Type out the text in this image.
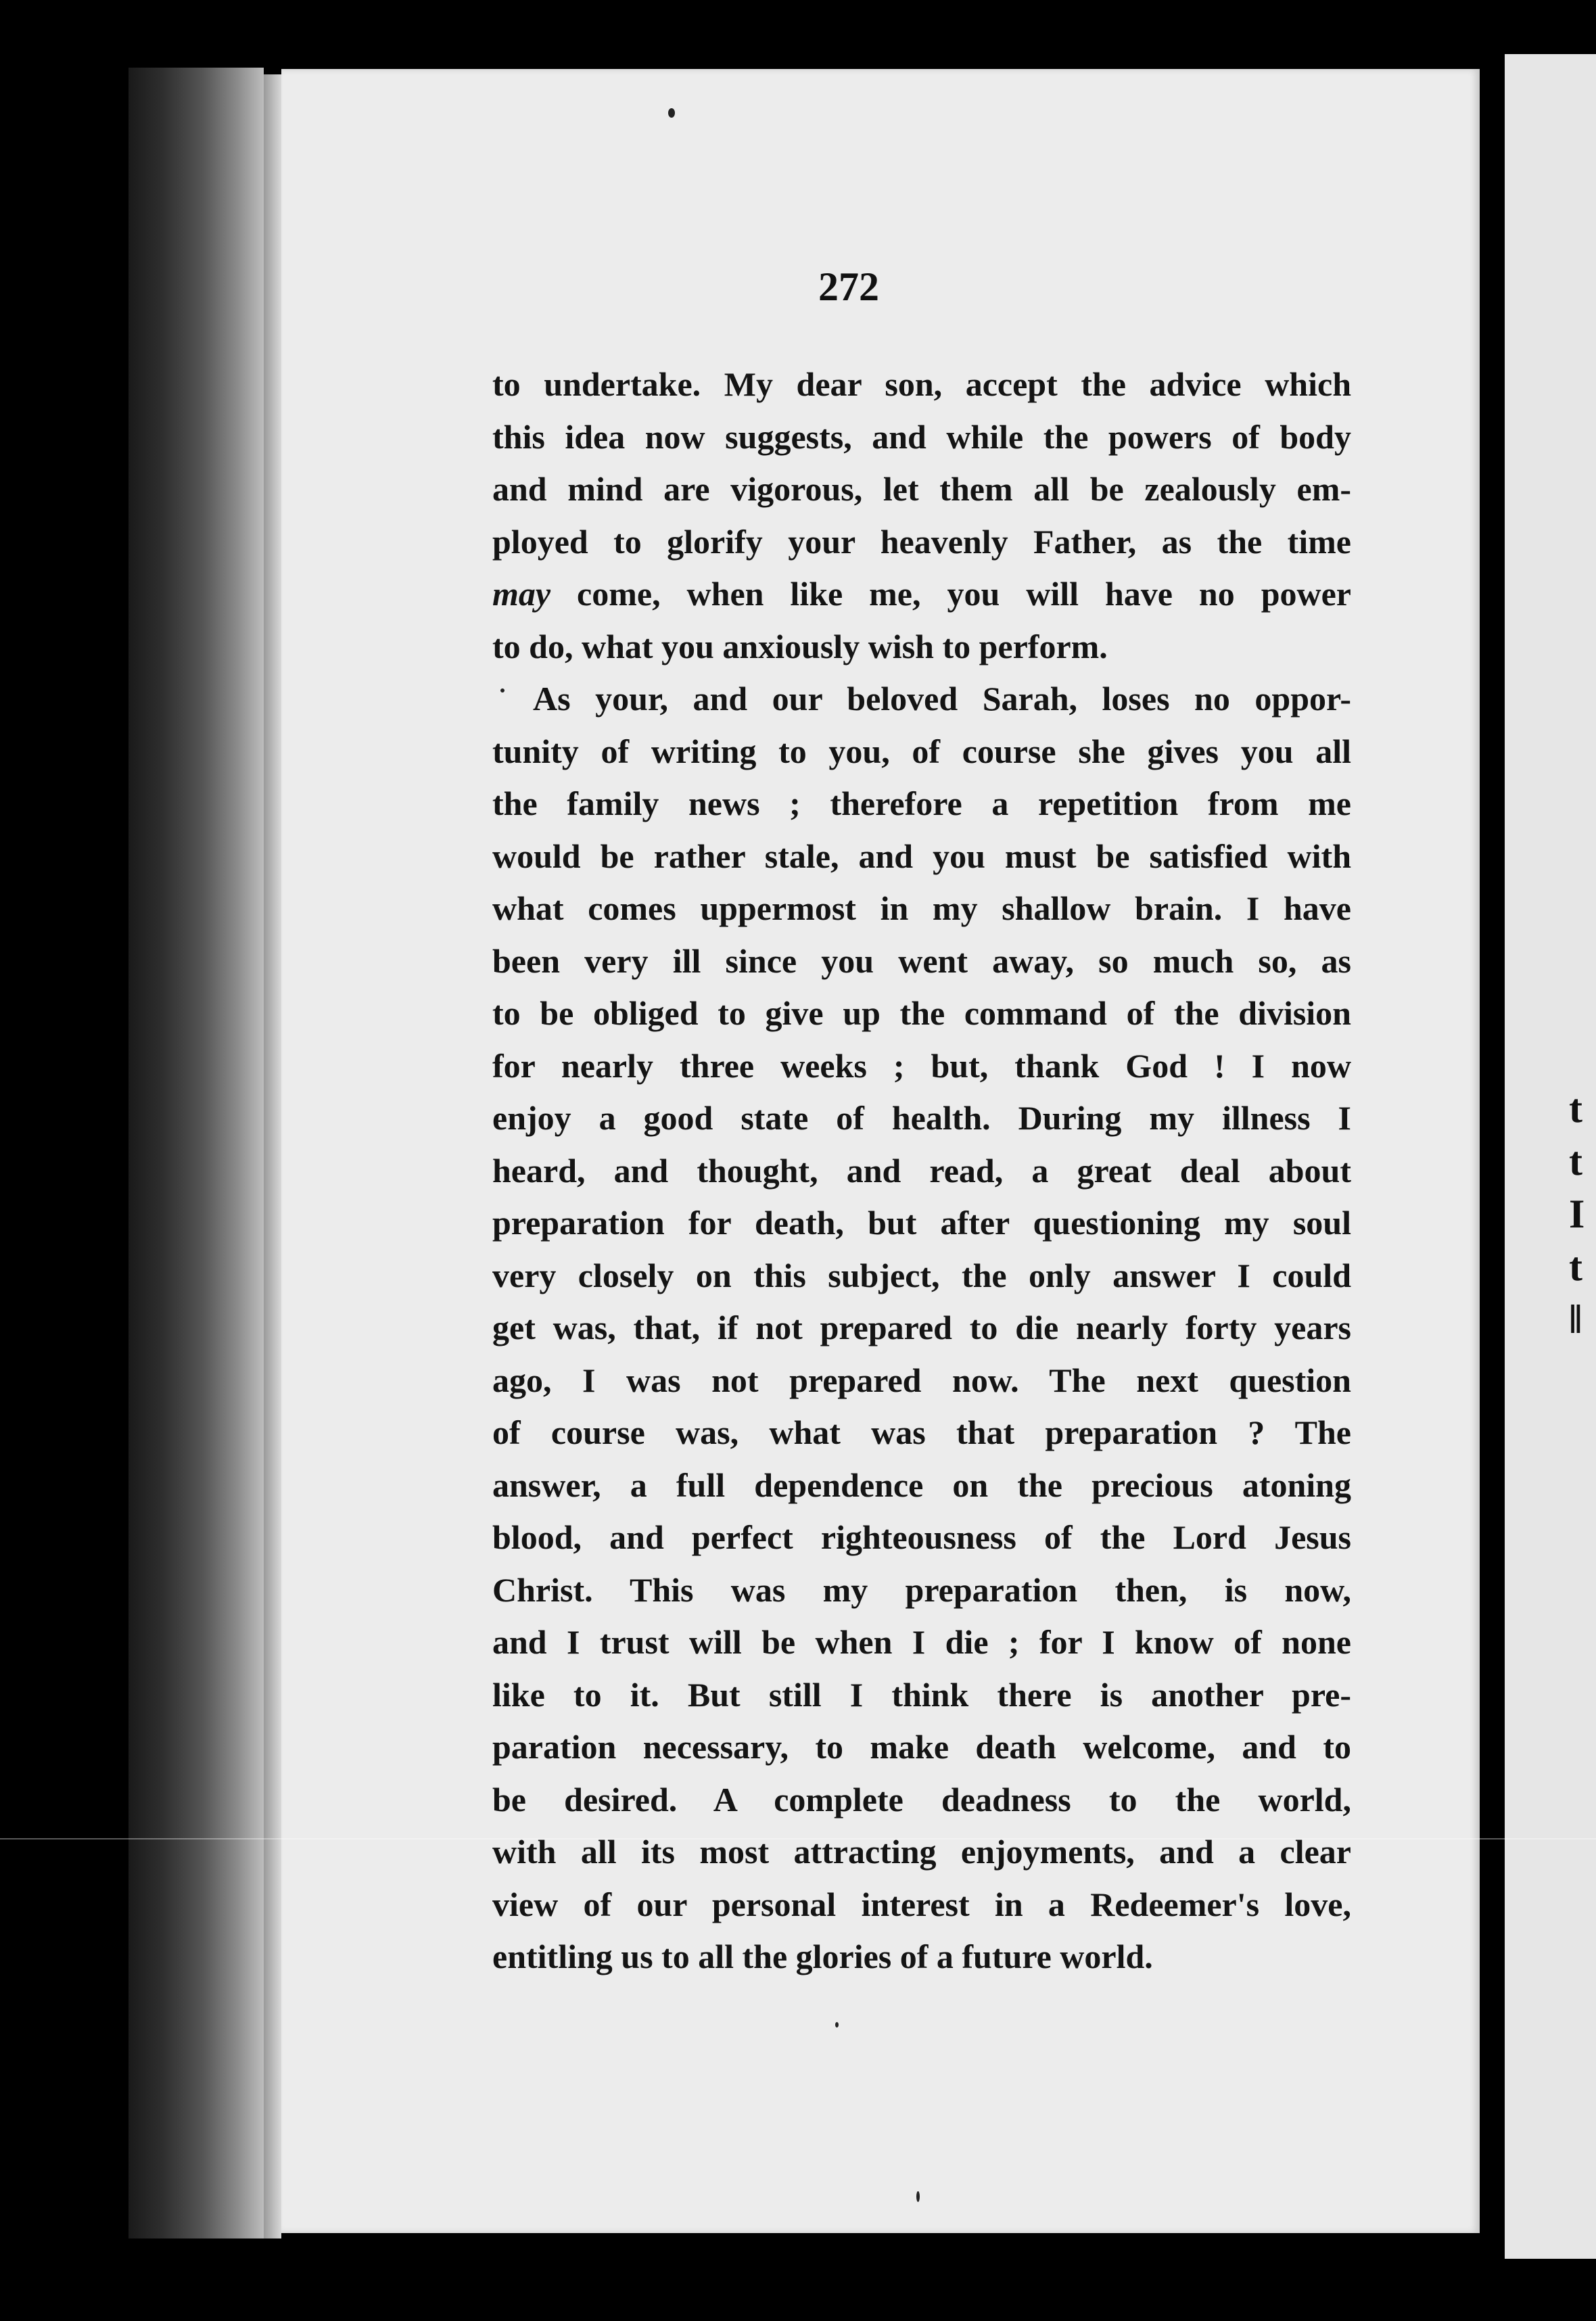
t
t
I
t
ǁ
272
to undertake. My dear son, accept the advice which
this idea now suggests, and while the powers of body
and mind are vigorous, let them all be zealously em-
ployed to glorify your heavenly Father, as the time
may come, when like me, you will have no power
to do, what you anxiously wish to perform.
As your, and our beloved Sarah, loses no oppor-
tunity of writing to you, of course she gives you all
the family news ; therefore a repetition from me
would be rather stale, and you must be satisfied with
what comes uppermost in my shallow brain. I have
been very ill since you went away, so much so, as
to be obliged to give up the command of the division
for nearly three weeks ; but, thank God ! I now
enjoy a good state of health. During my illness I
heard, and thought, and read, a great deal about
preparation for death, but after questioning my soul
very closely on this subject, the only answer I could
get was, that, if not prepared to die nearly forty years
ago, I was not prepared now. The next question
of course was, what was that preparation ? The
answer, a full dependence on the precious atoning
blood, and perfect righteousness of the Lord Jesus
Christ. This was my preparation then, is now,
and I trust will be when I die ; for I know of none
like to it. But still I think there is another pre-
paration necessary, to make death welcome, and to
be desired. A complete deadness to the world,
with all its most attracting enjoyments, and a clear
view of our personal interest in a Redeemer's love,
entitling us to all the glories of a future world.
